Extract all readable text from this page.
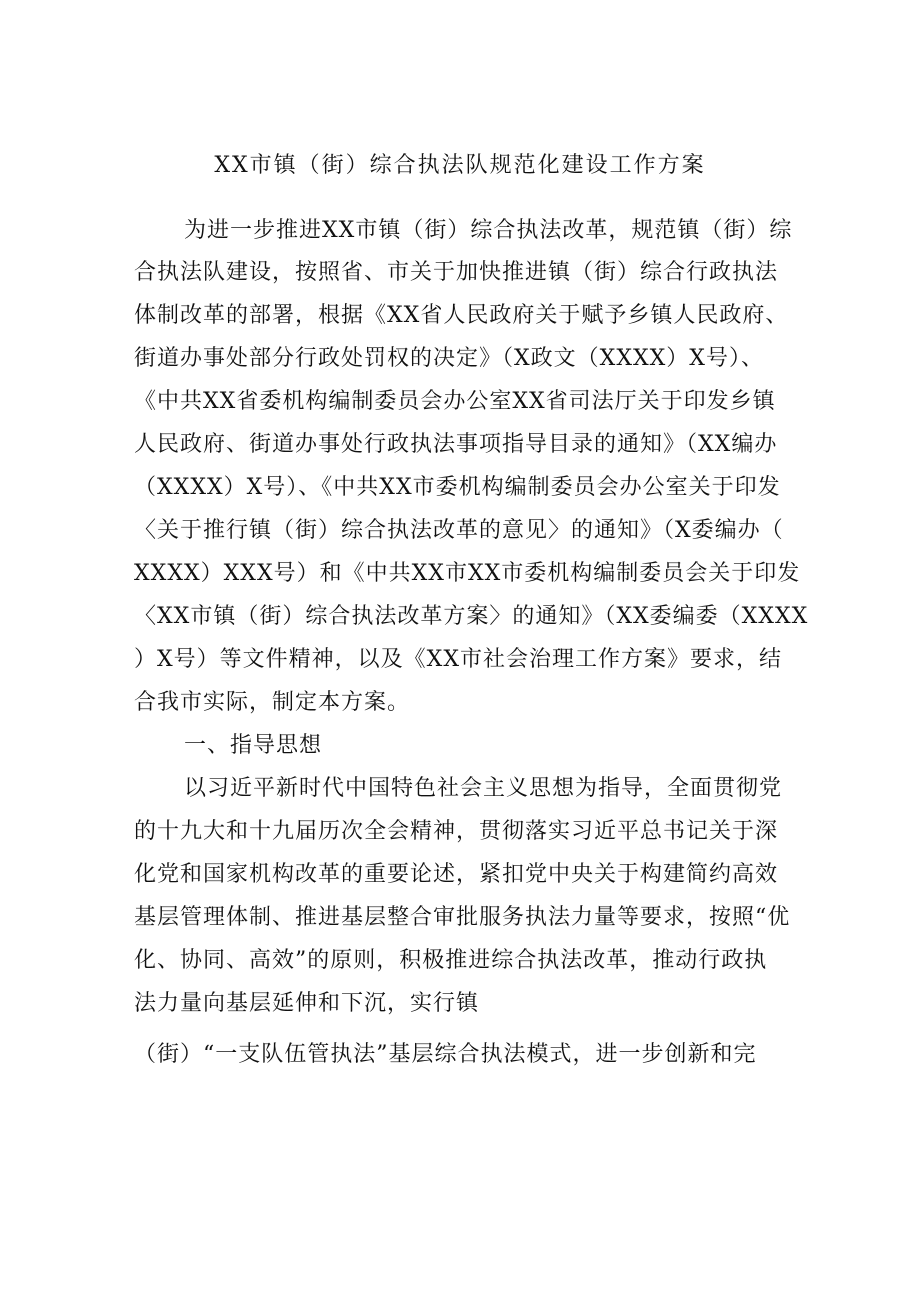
XX市镇（街）综合执法队规范化建设工作方案
为进一步推进XX市镇（街）综合执法改革，规范镇（街）综
合执法队建设，按照省、市关于加快推进镇（街）综合行政执法
体制改革的部署，根据《XX省人民政府关于赋予乡镇人民政府、
街道办事处部分行政处罚权的决定》（X政文（XXXX）X号）、
《中共XX省委机构编制委员会办公室XX省司法厅关于印发乡镇
人民政府、街道办事处行政执法事项指导目录的通知》（XX编办
（XXXX）X号）、《中共XX市委机构编制委员会办公室关于印发
〈关于推行镇（街）综合执法改革的意见〉的通知》（X委编办（
XXXX）XXX号）和《中共XX市XX市委机构编制委员会关于印发
〈XX市镇（街）综合执法改革方案〉的通知》（XX委编委（XXXX
）X号）等文件精神，以及《XX市社会治理工作方案》要求，结
合我市实际，制定本方案。
一、指导思想
以习近平新时代中国特色社会主义思想为指导，全面贯彻党
的十九大和十九届历次全会精神，贯彻落实习近平总书记关于深
化党和国家机构改革的重要论述，紧扣党中央关于构建简约高效
基层管理体制、推进基层整合审批服务执法力量等要求，按照“优
化、协同、高效”的原则，积极推进综合执法改革，推动行政执
法力量向基层延伸和下沉，实行镇
（街）“一支队伍管执法”基层综合执法模式，进一步创新和完
